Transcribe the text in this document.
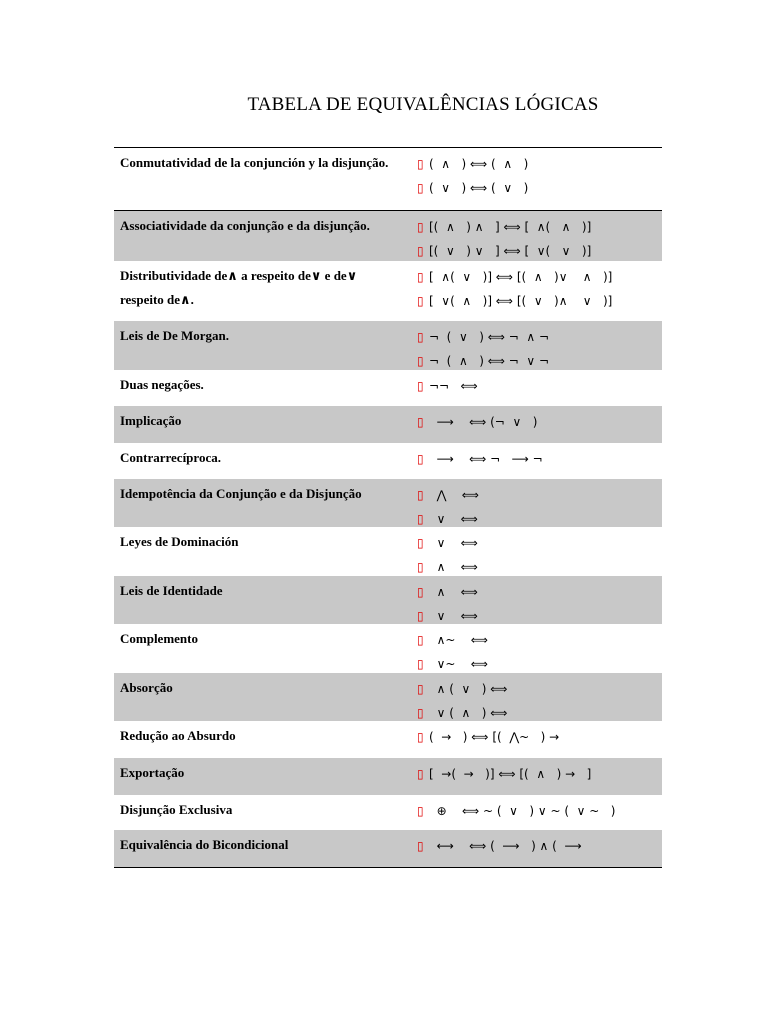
TABELA DE EQUIVALÊNCIAS LÓGICAS
Conmutatividad de la conjunción y la disjunção. ▯ (  ∧   ) ⟺ (  ∧   )
▯ (  ∨   ) ⟺ (  ∨   )
Associatividade da conjunção e da disjunção.	▯ [(  ∧   ) ∧   ] ⟺ [  ∧(   ∧   )]
▯ [(  ∨   ) ∨   ] ⟺ [  ∨(   ∨   )]
Distributividade de∧ a respeito de∨ e de∨ respeito de∧.
▯ [  ∧(  ∨   )] ⟺ [(  ∧   )∨    ∧   )]
▯ [  ∨(  ∧   )] ⟺ [(  ∨   )∧    ∨   )]
Leis de De Morgan.	▯ ¬  (  ∨   ) ⟺ ¬  ∧ ¬
▯ ¬  (  ∧   ) ⟺ ¬  ∨ ¬
Duas negações.	▯ ¬¬   ⟺
Implicação	▯  ⟶    ⟺ (¬  ∨   )
Contrarrecíproca.	▯  ⟶    ⟺ ¬   ⟶ ¬
Idempotência da Conjunção e da Disjunção	▯  ⋀    ⟺
▯  ∨    ⟺
Leyes de Dominación	▯  ∨    ⟺
▯  ∧    ⟺
Leis de Identidade	▯  ∧    ⟺
▯  ∨    ⟺
Complemento	▯  ∧~    ⟺
▯  ∨~    ⟺
Absorção	▯  ∧ (  ∨   ) ⟺
▯  ∨ (  ∧   ) ⟺
Redução ao Absurdo	▯ (  →   ) ⟺ [(  ⋀~   ) →
Exportação	▯ [  →(  →   )] ⟺ [(  ∧   ) →   ]
Disjunção Exclusiva	▯  ⊕    ⟺ ~ (  ∨   ) ∨ ~ (  ∨ ~   )
Equivalência do Bicondicional	▯  ⟷    ⟺ (  ⟶   ) ∧ (  ⟶
